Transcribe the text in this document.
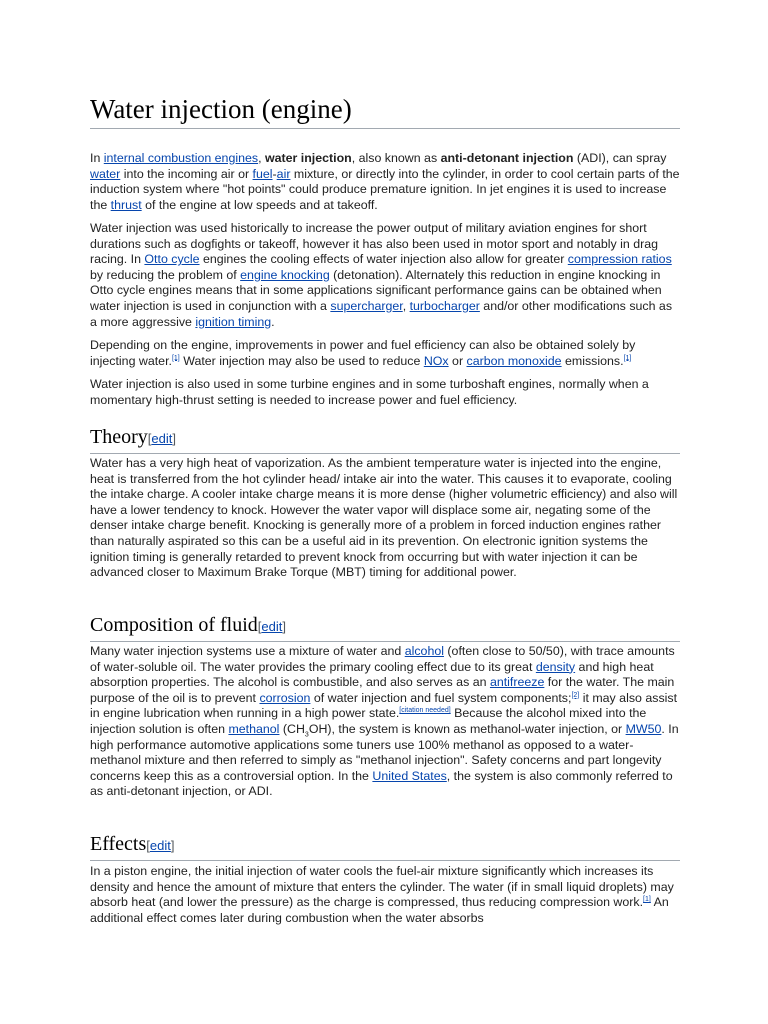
Water injection (engine)

In internal combustion engines, water injection, also known as anti-detonant injection (ADI), can spray water into the incoming air or fuel-air mixture, or directly into the cylinder, in order to cool certain parts of the induction system where "hot points" could produce premature ignition. In jet engines it is used to increase the thrust of the engine at low speeds and at takeoff.

Water injection was used historically to increase the power output of military aviation engines for short durations such as dogfights or takeoff, however it has also been used in motor sport and notably in drag racing. In Otto cycle engines the cooling effects of water injection also allow for greater compression ratios by reducing the problem of engine knocking (detonation). Alternately this reduction in engine knocking in Otto cycle engines means that in some applications significant performance gains can be obtained when water injection is used in conjunction with a supercharger, turbocharger and/or other modifications such as a more aggressive ignition timing.

Depending on the engine, improvements in power and fuel efficiency can also be obtained solely by injecting water.[1] Water injection may also be used to reduce NOx or carbon monoxide emissions.[1]

Water injection is also used in some turbine engines and in some turboshaft engines, normally when a momentary high-thrust setting is needed to increase power and fuel efficiency.

Theory[edit]

Water has a very high heat of vaporization. As the ambient temperature water is injected into the engine, heat is transferred from the hot cylinder head/ intake air into the water. This causes it to evaporate, cooling the intake charge. A cooler intake charge means it is more dense (higher volumetric efficiency) and also will have a lower tendency to knock. However the water vapor will displace some air, negating some of the denser intake charge benefit. Knocking is generally more of a problem in forced induction engines rather than naturally aspirated so this can be a useful aid in its prevention. On electronic ignition systems the ignition timing is generally retarded to prevent knock from occurring but with water injection it can be advanced closer to Maximum Brake Torque (MBT) timing for additional power.

Composition of fluid[edit]

Many water injection systems use a mixture of water and alcohol (often close to 50/50), with trace amounts of water-soluble oil. The water provides the primary cooling effect due to its great density and high heat absorption properties. The alcohol is combustible, and also serves as an antifreeze for the water. The main purpose of the oil is to prevent corrosion of water injection and fuel system components;[2] it may also assist in engine lubrication when running in a high power state.[citation needed] Because the alcohol mixed into the injection solution is often methanol $(CH_3OH)$, the system is known as methanol-water injection, or MW50. In high performance automotive applications some tuners use 100% methanol as opposed to a water-methanol mixture and then referred to simply as "methanol injection". Safety concerns and part longevity concerns keep this as a controversial option. In the United States, the system is also commonly referred to as anti-detonant injection, or ADI.

Effects[edit]

In a piston engine, the initial injection of water cools the fuel-air mixture significantly which increases its density and hence the amount of mixture that enters the cylinder. The water (if in small liquid droplets) may absorb heat (and lower the pressure) as the charge is compressed, thus reducing compression work.[1] An additional effect comes later during combustion when the water absorbs
